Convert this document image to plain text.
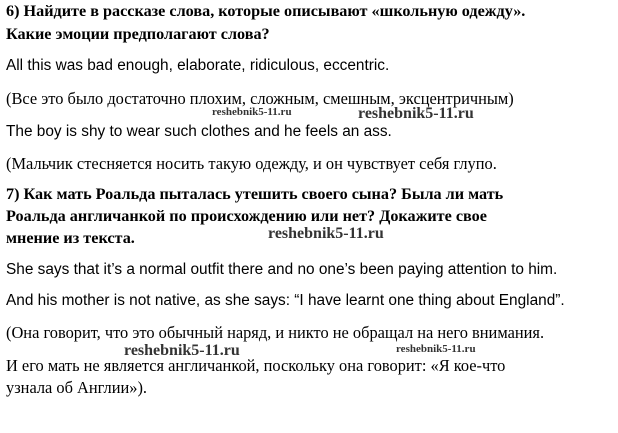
6) Найдите в рассказе слова, которые описывают «школьную одежду».
Какие эмоции предполагают слова?
All this was bad enough, elaborate, ridiculous, eccentric.
(Все это было достаточно плохим, сложным, смешным, эксцентричным)
The boy is shy to wear such clothes and he feels an ass.
(Мальчик стесняется носить такую одежду, и он чувствует себя глупо.
7) Как мать Роальда пыталась утешить своего сына? Была ли мать
Роальда англичанкой по происхождению или нет? Докажите свое
мнение из текста.
She says that it’s a normal outfit there and no one’s been paying attention to him.
And his mother is not native, as she says: “I have learnt one thing about England”.
(Она говорит, что это обычный наряд, и никто не обращал на него внимания.
И его мать не является англичанкой, поскольку она говорит: «Я кое-что
узнала об Англии»).
reshebnik5-11.ru	reshebnik5-11.ru
reshebnik5-11.ru
reshebnik5-11.ru	reshebnik5-11.ru
